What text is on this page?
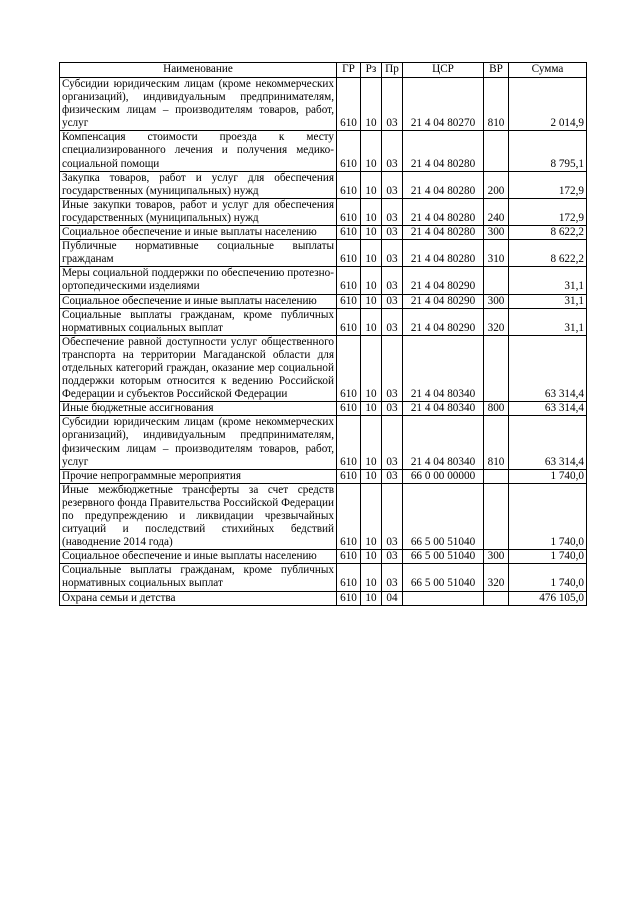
Наименование	ГР	Рз	Пр	ЦСР	ВР	Сумма
Субсидии юридическим лицам (кроме некоммерческих организаций), индивидуальным предпринимателям, физическим лицам – производителям товаров, работ, услуг	610	10	03	21 4 04 80270	810	2 014,9
Компенсация стоимости проезда к месту специализированного лечения и получения медико-социальной помощи	610	10	03	21 4 04 80280		8 795,1
Закупка товаров, работ и услуг для обеспечения государственных (муниципальных) нужд	610	10	03	21 4 04 80280	200	172,9
Иные закупки товаров, работ и услуг для обеспечения государственных (муниципальных) нужд	610	10	03	21 4 04 80280	240	172,9
Социальное обеспечение и иные выплаты населению	610	10	03	21 4 04 80280	300	8 622,2
Публичные нормативные социальные выплаты гражданам	610	10	03	21 4 04 80280	310	8 622,2
Меры социальной поддержки по обеспечению протезно-ортопедическими изделиями	610	10	03	21 4 04 80290		31,1
Социальное обеспечение и иные выплаты населению	610	10	03	21 4 04 80290	300	31,1
Социальные выплаты гражданам, кроме публичных нормативных социальных выплат	610	10	03	21 4 04 80290	320	31,1
Обеспечение равной доступности услуг общественного транспорта на территории Магаданской области для отдельных категорий граждан, оказание мер социальной поддержки которым относится к ведению Российской Федерации и субъектов Российской Федерации	610	10	03	21 4 04 80340		63 314,4
Иные бюджетные ассигнования	610	10	03	21 4 04 80340	800	63 314,4
Субсидии юридическим лицам (кроме некоммерческих организаций), индивидуальным предпринимателям, физическим лицам – производителям товаров, работ, услуг	610	10	03	21 4 04 80340	810	63 314,4
Прочие непрограммные мероприятия	610	10	03	66 0 00 00000		1 740,0
Иные межбюджетные трансферты за счет средств резервного фонда Правительства Российской Федерации по предупреждению и ликвидации чрезвычайных ситуаций и последствий стихийных бедствий (наводнение 2014 года)	610	10	03	66 5 00 51040		1 740,0
Социальное обеспечение и иные выплаты населению	610	10	03	66 5 00 51040	300	1 740,0
Социальные выплаты гражданам, кроме публичных нормативных социальных выплат	610	10	03	66 5 00 51040	320	1 740,0
Охрана семьи и детства	610	10	04			476 105,0
